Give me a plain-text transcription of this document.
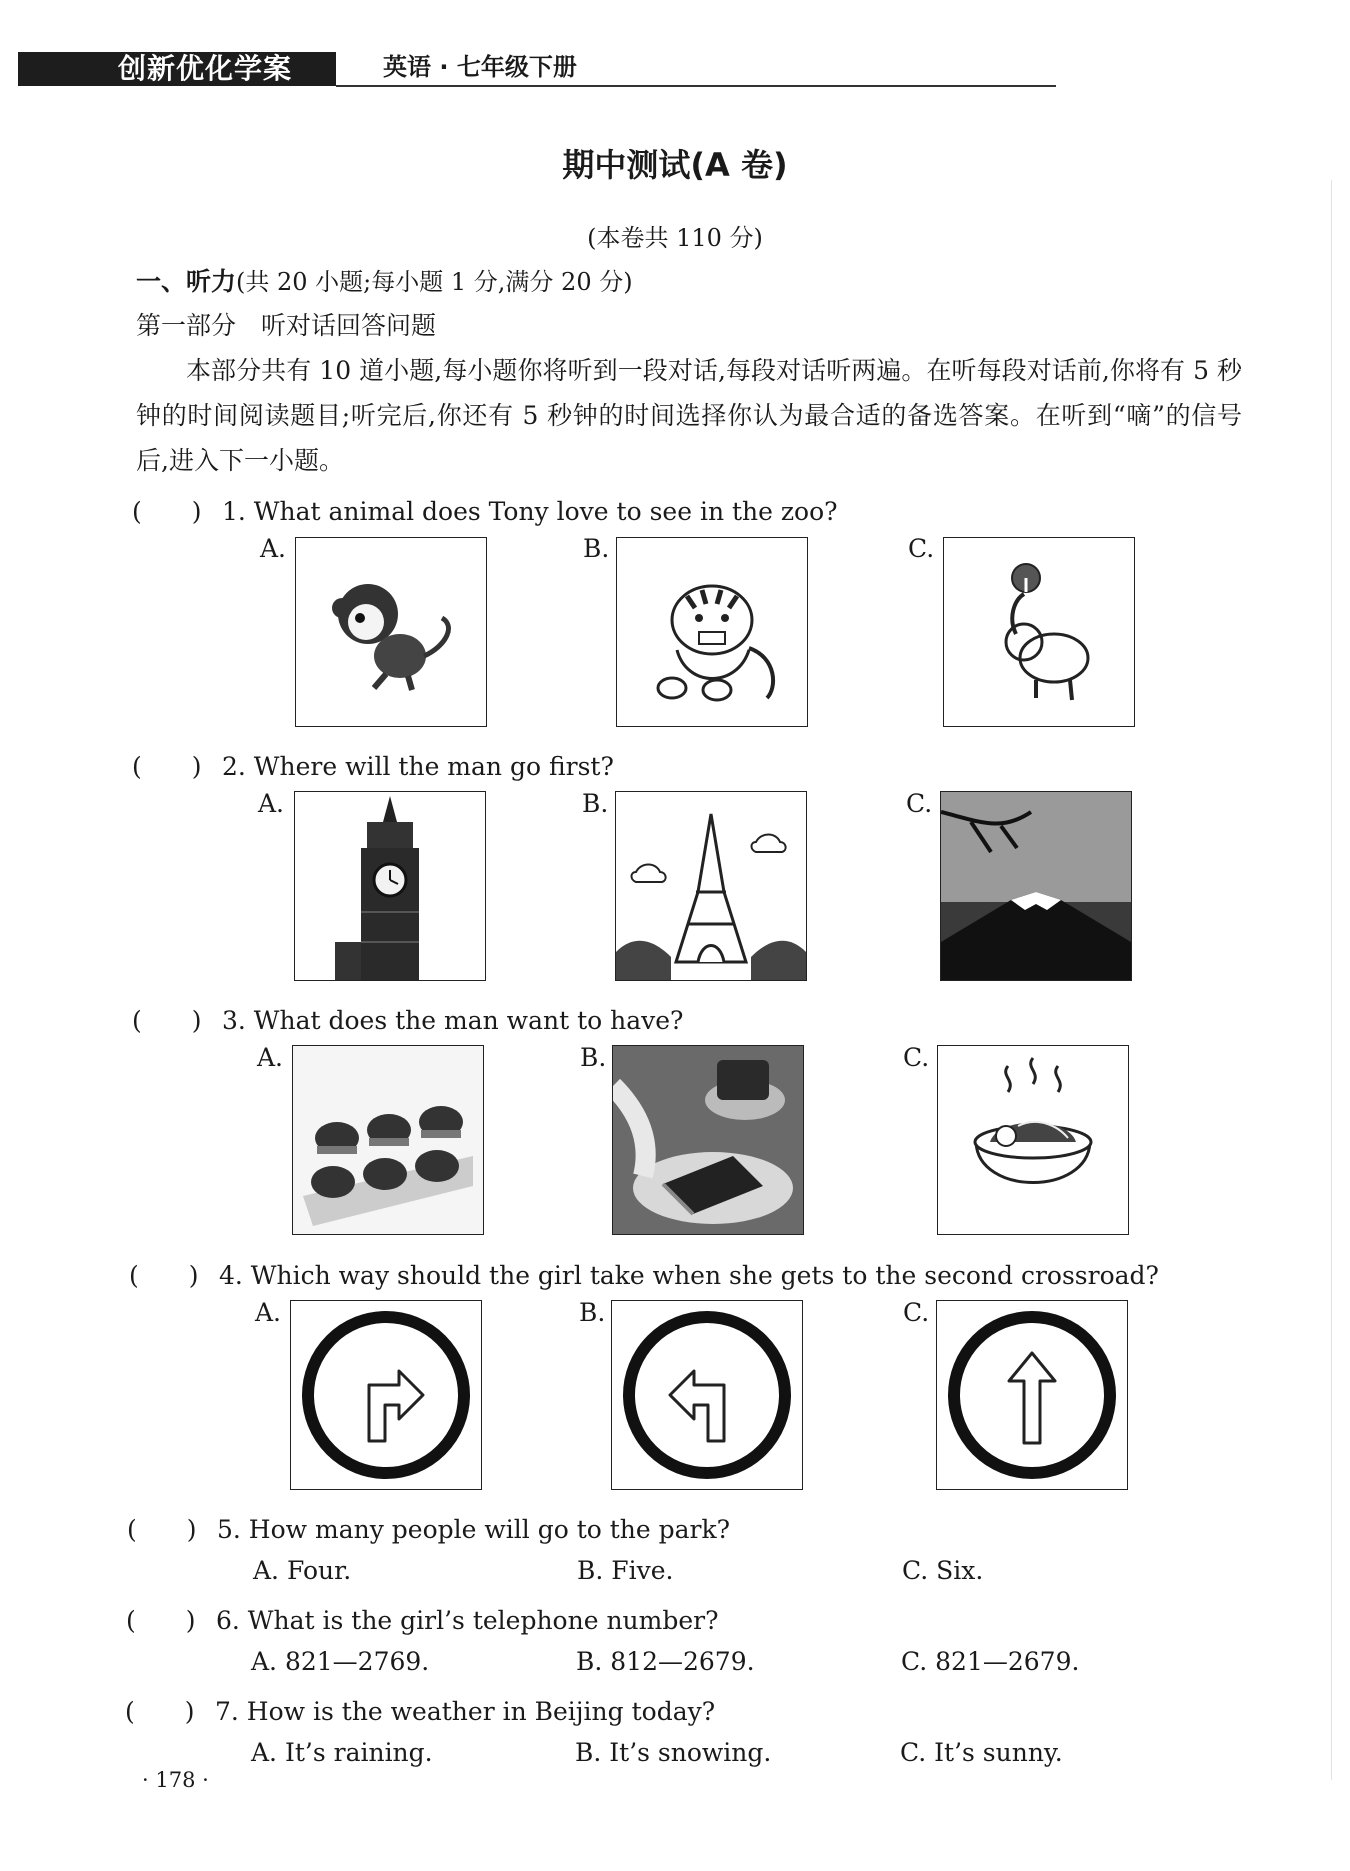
创新优化学案	英语 · 七年级下册
期中测试(A 卷)
(本卷共 110 分)
一、听力(共 20 小题;每小题 1 分,满分 20 分)
第一部分　听对话回答问题
本部分共有 10 道小题,每小题你将听到一段对话,每段对话听两遍。在听每段对话前,你将有 5 秒钟的时间阅读题目;听完后,你还有 5 秒钟的时间选择你认为最合适的备选答案。在听到“嘀”的信号后,进入下一小题。
(　　) 1. What animal does Tony love to see in the zoo?
A.	B.	C.
(　　) 2. Where will the man go first?
A.	B.	C.
(　　) 3. What does the man want to have?
A.	B.	C.
(　　) 4. Which way should the girl take when she gets to the second crossroad?
A.	B.	C.
(　　) 5. How many people will go to the park?
A. Four.	B. Five.	C. Six.
(　　) 6. What is the girl’s telephone number?
A. 821—2769.	B. 812—2679.	C. 821—2679.
(　　) 7. How is the weather in Beijing today?
A. It’s raining.	B. It’s snowing.	C. It’s sunny.
· 178 ·
